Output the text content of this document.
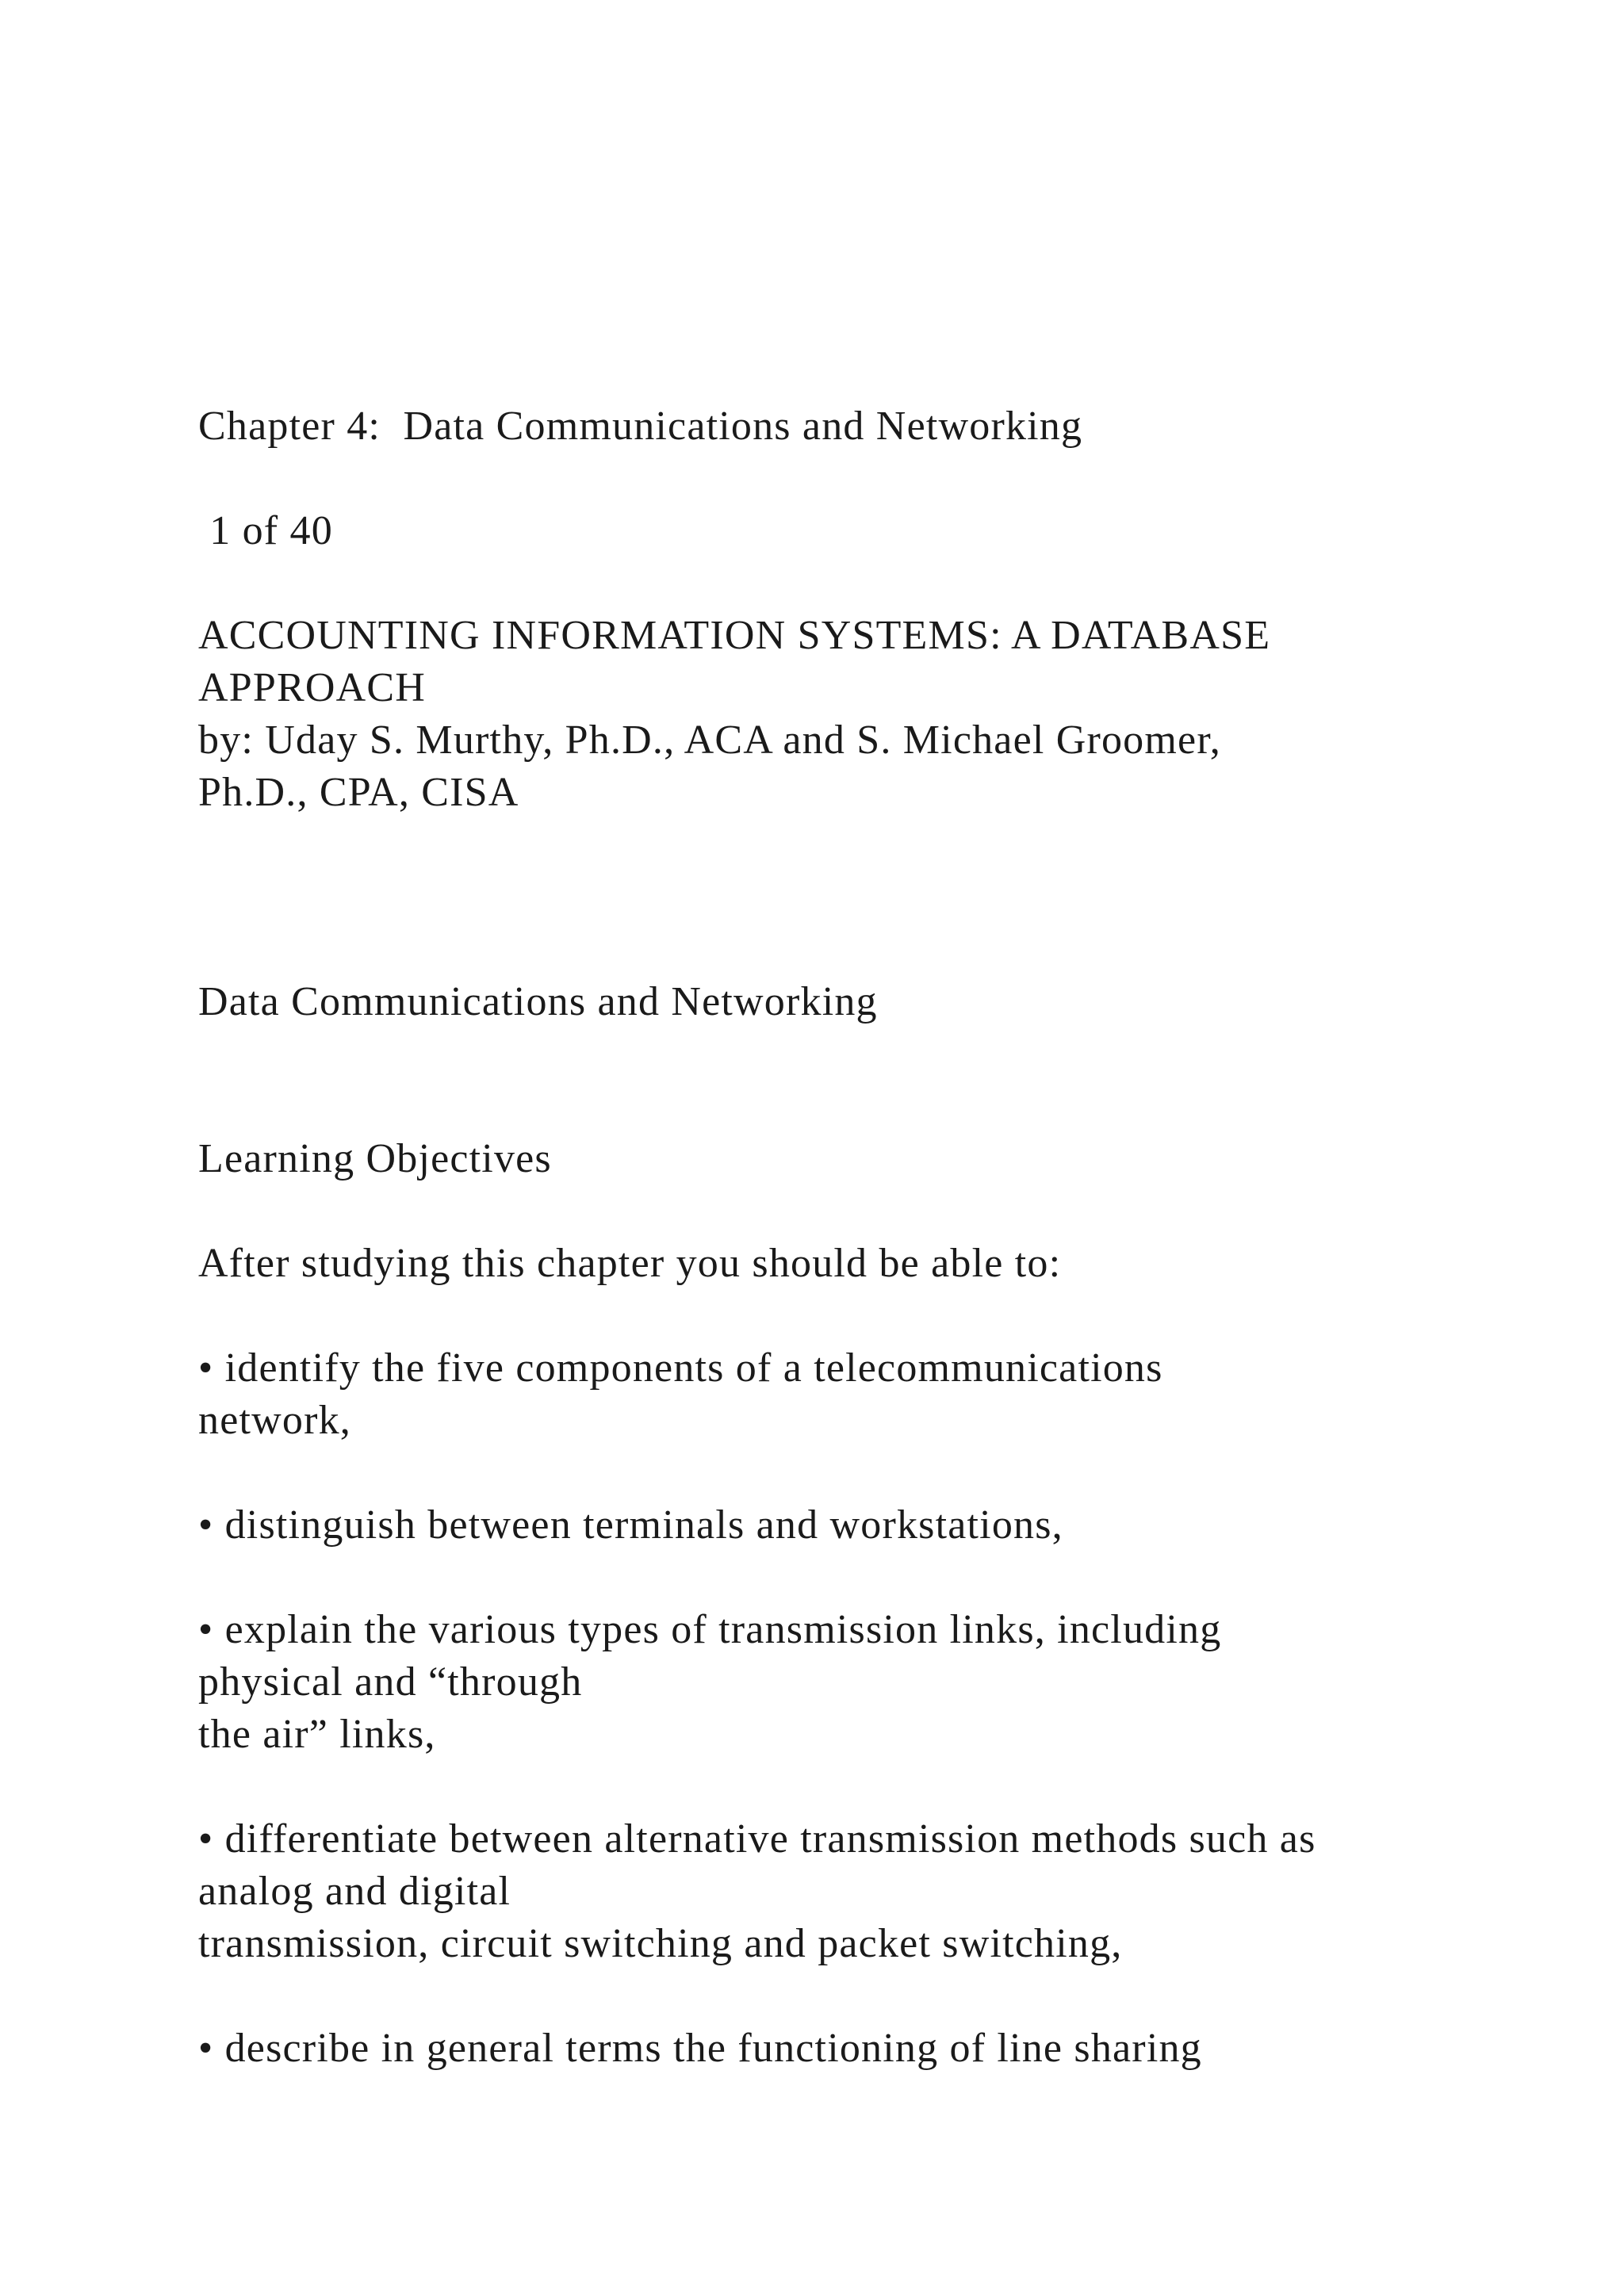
Chapter 4:  Data Communications and Networking
1 of 40
ACCOUNTING INFORMATION SYSTEMS: A DATABASE
APPROACH
by: Uday S. Murthy, Ph.D., ACA and S. Michael Groomer,
Ph.D., CPA, CISA
Data Communications and Networking
Learning Objectives
After studying this chapter you should be able to:
• identify the five components of a telecommunications
network,
• distinguish between terminals and workstations,
• explain the various types of transmission links, including
physical and “through
the air” links,
• differentiate between alternative transmission methods such as
analog and digital
transmission, circuit switching and packet switching,
• describe in general terms the functioning of line sharing
